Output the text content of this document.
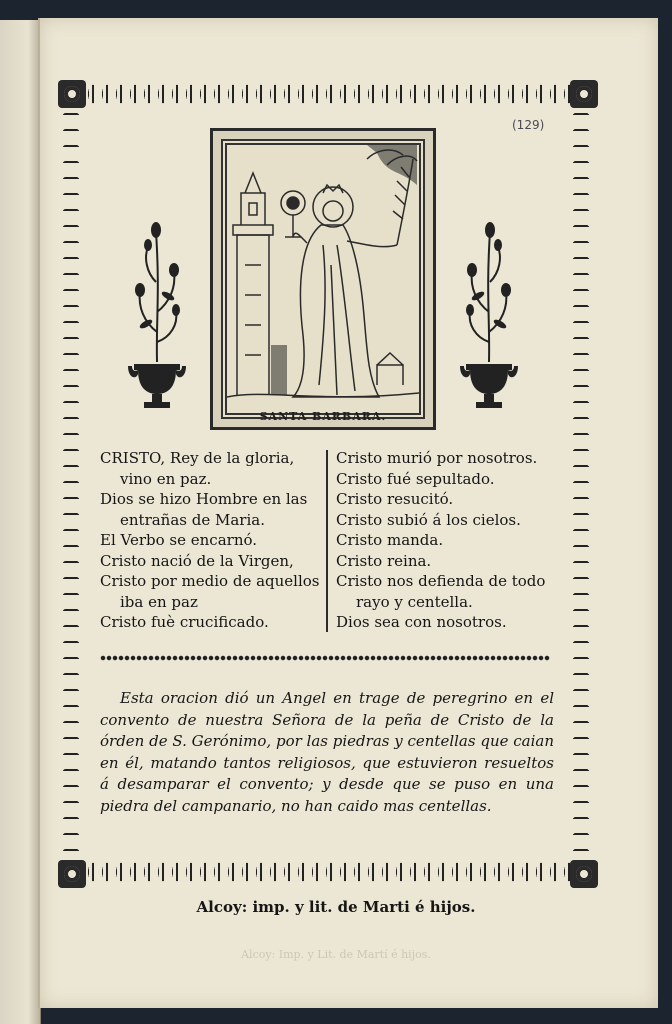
(129)
SANTA BARBARA.
CRISTO, Rey de la gloria,
vino en paz.
Dios se hizo Hombre en las
entrañas de Maria.
El Verbo se encarnó.
Cristo nació de la Virgen,
Cristo por medio de aquellos
iba en paz
Cristo fuè crucificado.
Cristo murió por nosotros.
Cristo fué sepultado.
Cristo resucitó.
Cristo subió á los cielos.
Cristo manda.
Cristo reina.
Cristo nos defienda de todo
rayo y centella.
Dios sea con nosotros.
Esta oracion dió un Angel en trage de peregrino en el convento de nuestra Señora de la peña de Cristo de la órden de S. Gerónimo, por las piedras y centellas que caian en él, matando tantos religiosos, que estuvieron resueltos á desamparar el convento; y desde que se puso en una piedra del campanario, no han caido mas centellas.
Alcoy: imp. y lit. de Marti é hijos.
Alcoy: Imp. y Lit. de Martí é hijos.
